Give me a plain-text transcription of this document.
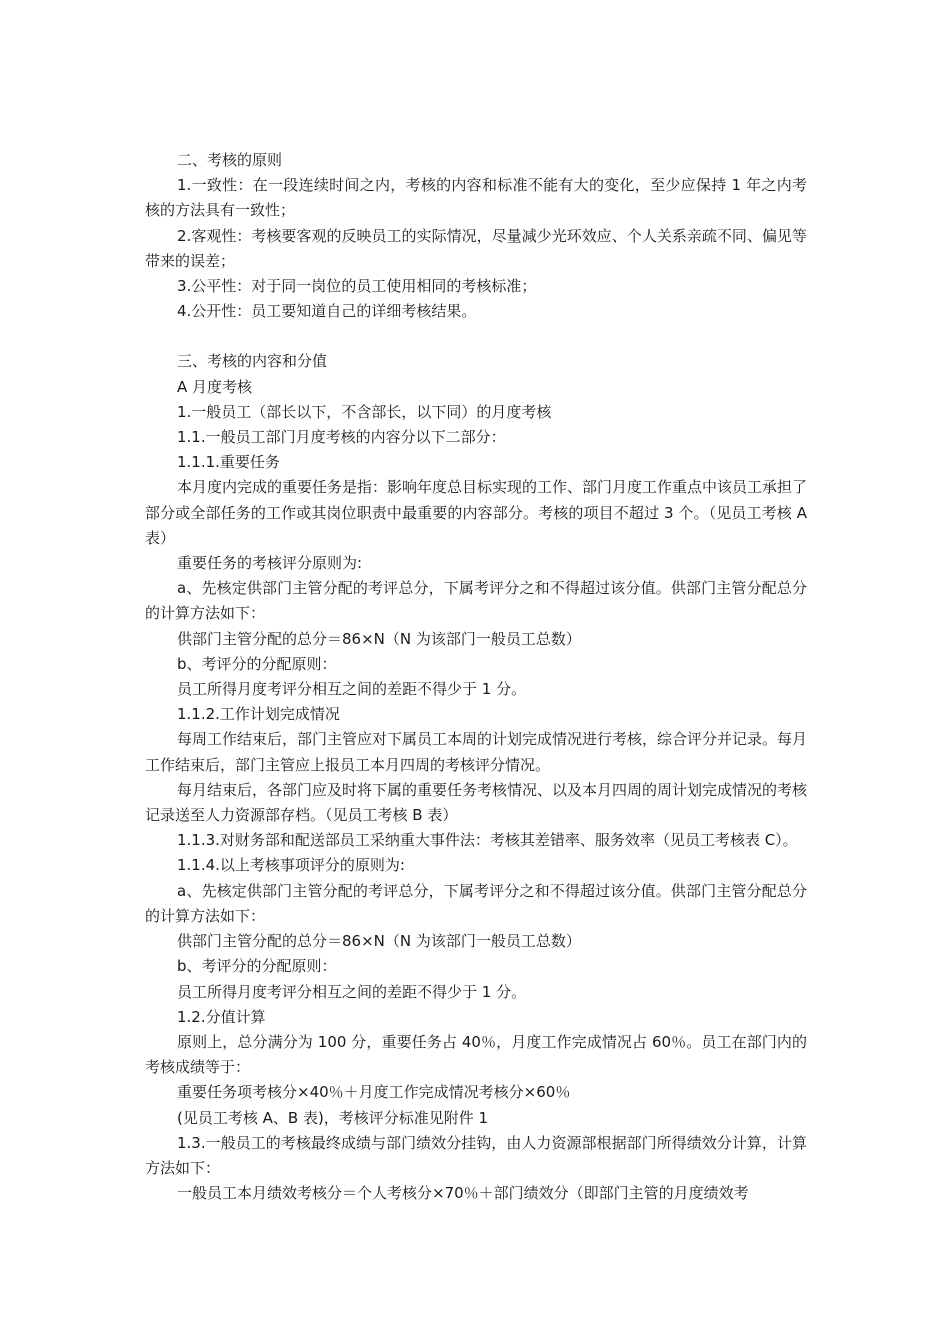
二、考核的原则

1.一致性：在一段连续时间之内，考核的内容和标准不能有大的变化，至少应保持 1 年之内考核的方法具有一致性；

2.客观性：考核要客观的反映员工的实际情况，尽量减少光环效应、个人关系亲疏不同、偏见等带来的误差；

3.公平性：对于同一岗位的员工使用相同的考核标准；

4.公开性：员工要知道自己的详细考核结果。

三、考核的内容和分值

A 月度考核

1.一般员工（部长以下，不含部长，以下同）的月度考核

1.1.一般员工部门月度考核的内容分以下二部分：

1.1.1.重要任务

本月度内完成的重要任务是指：影响年度总目标实现的工作、部门月度工作重点中该员工承担了部分或全部任务的工作或其岗位职责中最重要的内容部分。考核的项目不超过 3 个。（见员工考核 A 表）

重要任务的考核评分原则为:

a、先核定供部门主管分配的考评总分，下属考评分之和不得超过该分值。供部门主管分配总分的计算方法如下：

供部门主管分配的总分＝86×N（N 为该部门一般员工总数）

b、考评分的分配原则：

员工所得月度考评分相互之间的差距不得少于 1 分。

1.1.2.工作计划完成情况

每周工作结束后，部门主管应对下属员工本周的计划完成情况进行考核，综合评分并记录。每月工作结束后，部门主管应上报员工本月四周的考核评分情况。

每月结束后，各部门应及时将下属的重要任务考核情况、以及本月四周的周计划完成情况的考核记录送至人力资源部存档。（见员工考核 B 表）

1.1.3.对财务部和配送部员工采纳重大事件法：考核其差错率、服务效率（见员工考核表 C）。

1.1.4.以上考核事项评分的原则为:

a、先核定供部门主管分配的考评总分，下属考评分之和不得超过该分值。供部门主管分配总分的计算方法如下：

供部门主管分配的总分＝86×N（N 为该部门一般员工总数）

b、考评分的分配原则：

员工所得月度考评分相互之间的差距不得少于 1 分。

1.2.分值计算

原则上，总分满分为 100 分，重要任务占 40％，月度工作完成情况占 60％。员工在部门内的考核成绩等于：

重要任务项考核分×40％＋月度工作完成情况考核分×60％

(见员工考核 A、B 表)，考核评分标准见附件 1

1.3.一般员工的考核最终成绩与部门绩效分挂钩，由人力资源部根据部门所得绩效分计算，计算方法如下：

一般员工本月绩效考核分＝个人考核分×70％＋部门绩效分（即部门主管的月度绩效考
